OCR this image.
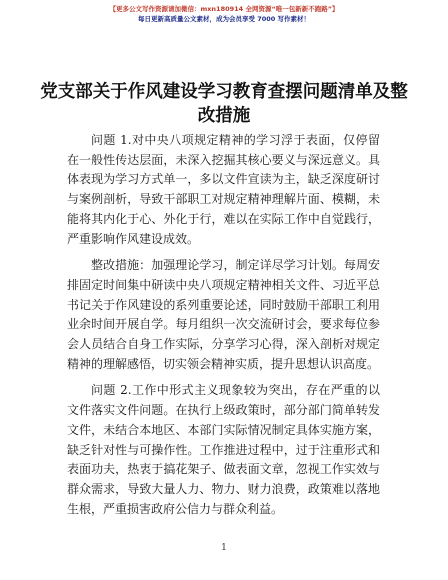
【更多公文写作资源请加微信：mxn180914 全网资源“唯一包新新不跑路”】
每日更新高质量公文素材，成为会员享受 7000 写作素材！
党支部关于作风建设学习教育查摆问题清单及整改措施

问题 1.对中央八项规定精神的学习浮于表面，仅停留在一般性传达层面，未深入挖掘其核心要义与深远意义。具体表现为学习方式单一，多以文件宣读为主，缺乏深度研讨与案例剖析，导致干部职工对规定精神理解片面、模糊，未能将其内化于心、外化于行，难以在实际工作中自觉践行，严重影响作风建设成效。

整改措施：加强理论学习，制定详尽学习计划。每周安排固定时间集中研读中央八项规定精神相关文件、习近平总书记关于作风建设的系列重要论述，同时鼓励干部职工利用业余时间开展自学。每月组织一次交流研讨会，要求每位参会人员结合自身工作实际，分享学习心得，深入剖析对规定精神的理解感悟，切实领会精神实质，提升思想认识高度。

问题 2.工作中形式主义现象较为突出，存在严重的以文件落实文件问题。在执行上级政策时，部分部门简单转发文件，未结合本地区、本部门实际情况制定具体实施方案，缺乏针对性与可操作性。工作推进过程中，过于注重形式和表面功夫，热衷于搞花架子、做表面文章，忽视工作实效与群众需求，导致大量人力、物力、财力浪费，政策难以落地生根，严重损害政府公信力与群众利益。

1
